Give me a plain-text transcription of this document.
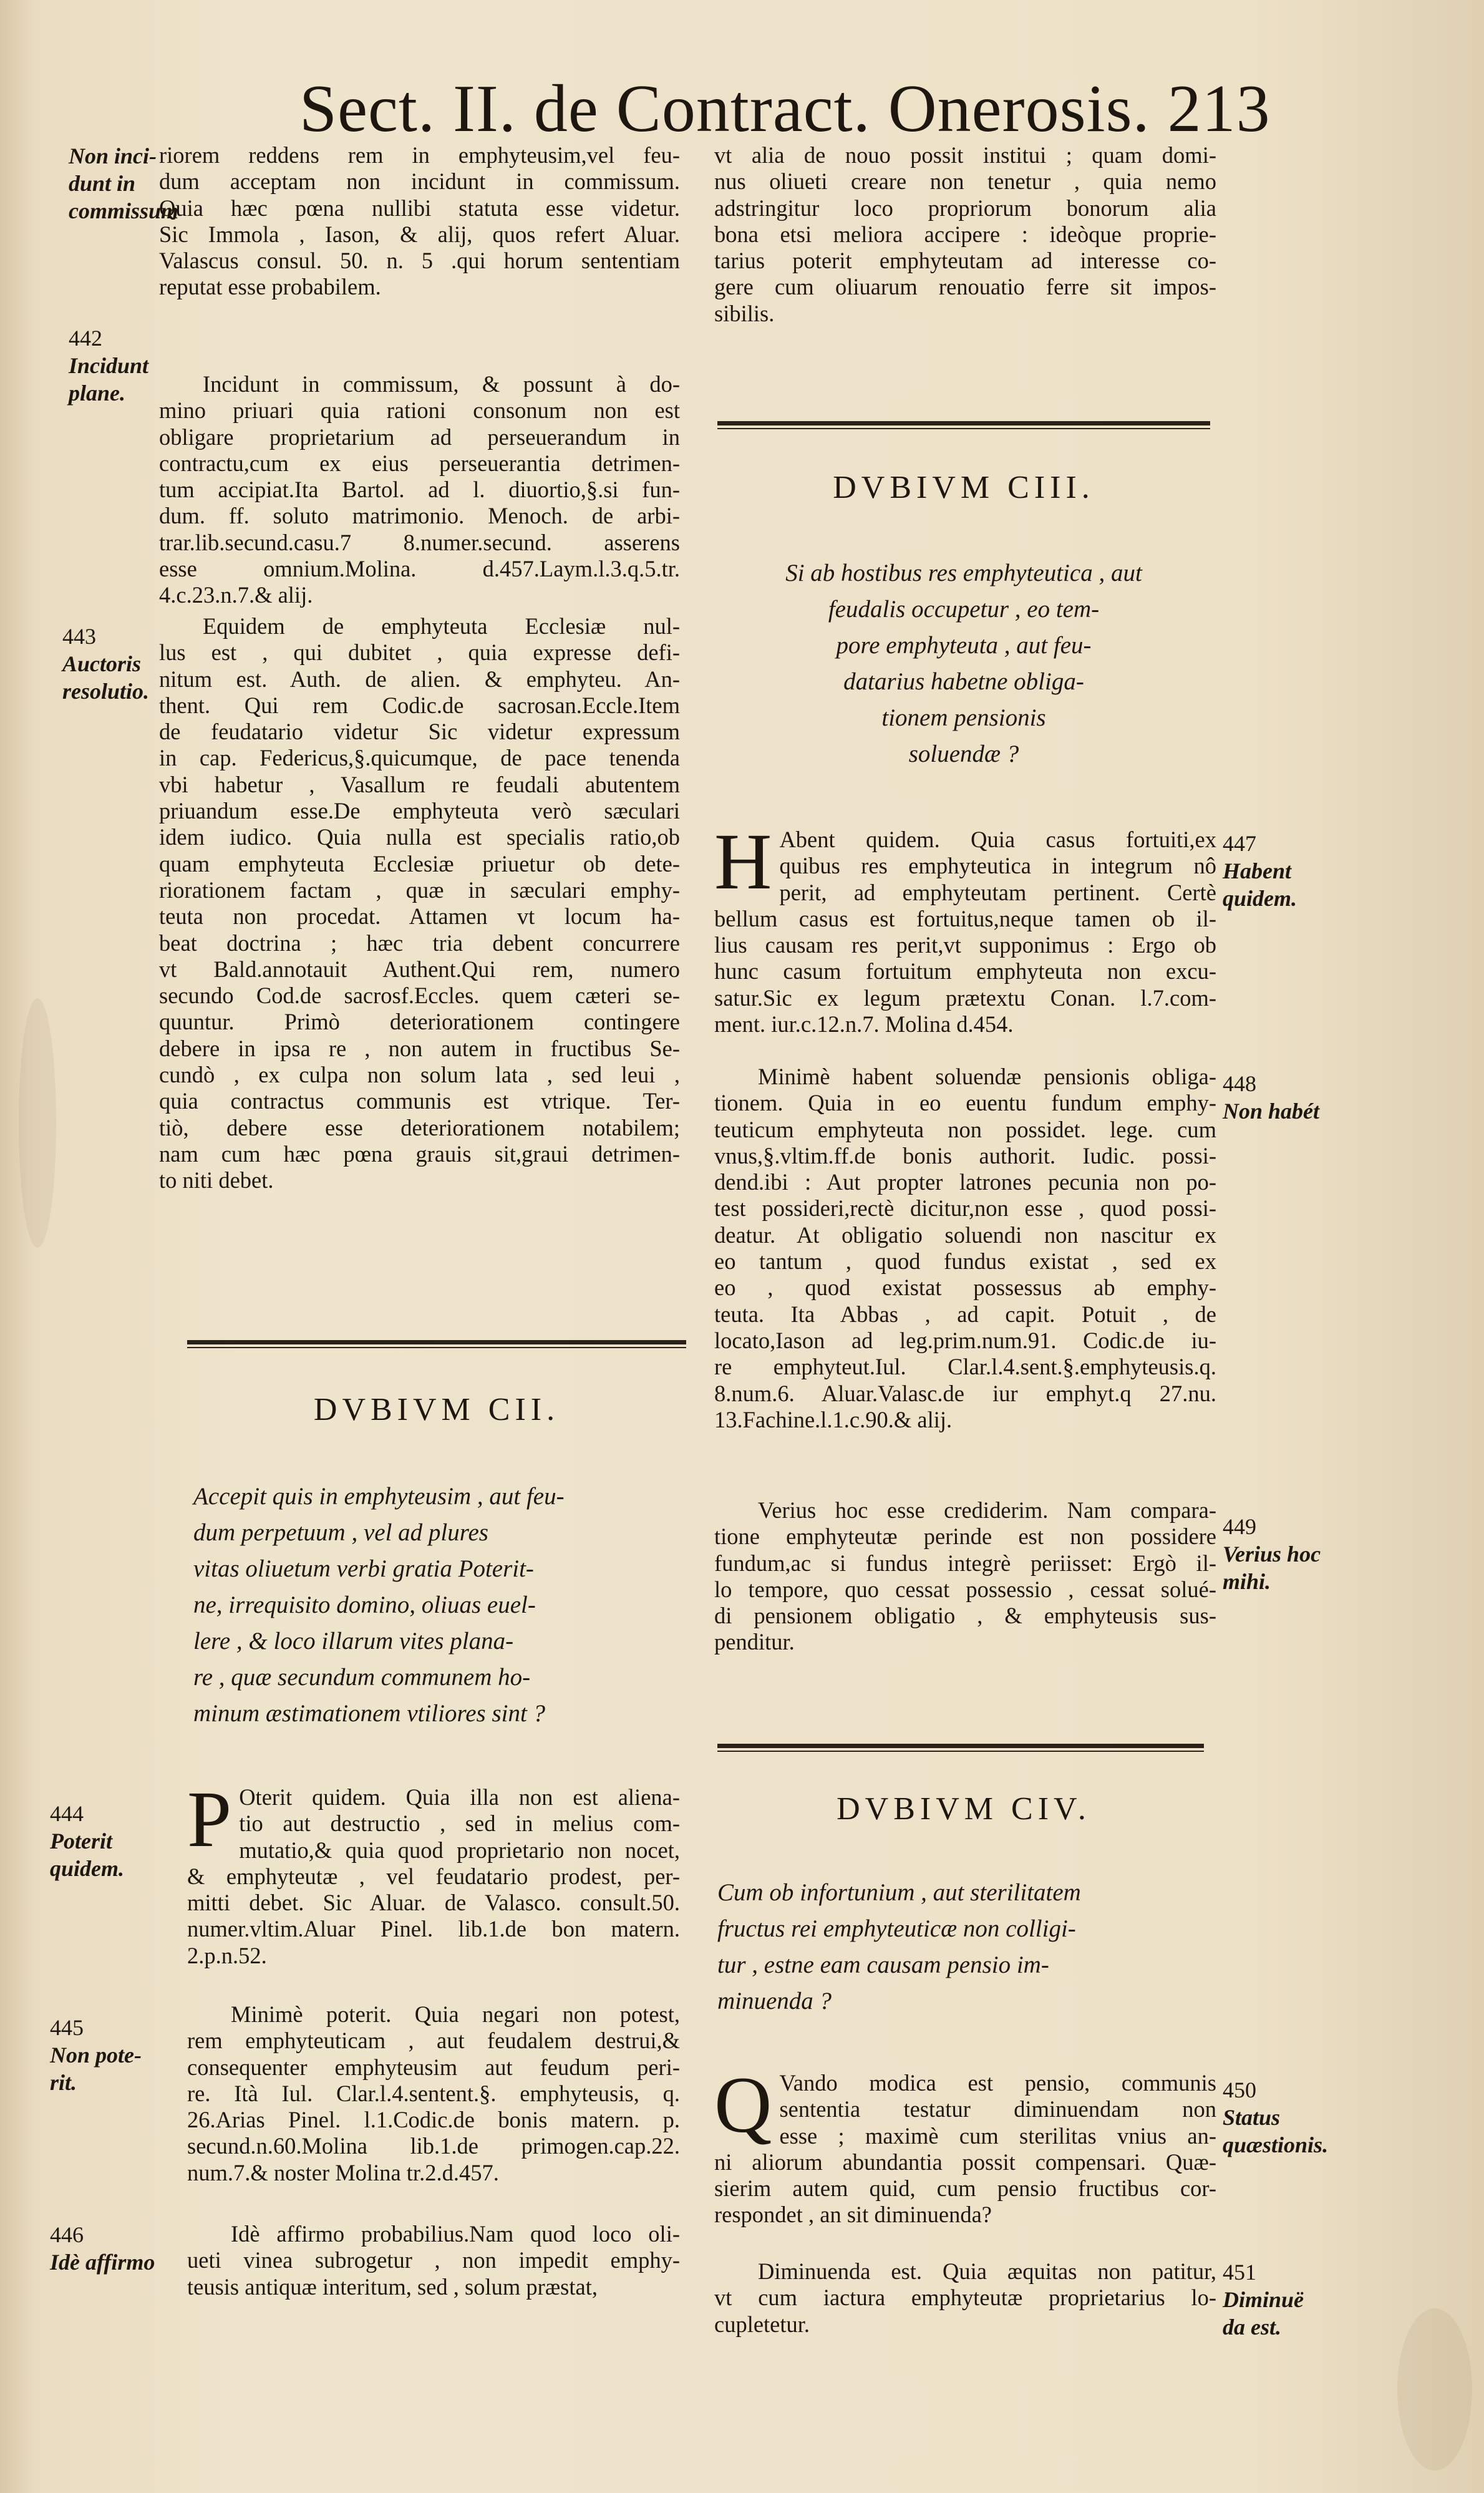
Sect. II. de Contract. Onerosis. 213
riorem reddens rem in emphyteusim,vel feu-
dum acceptam non incidunt in commissum.
Quia hæc pœna nullibi statuta esse videtur.
Sic Immola , Iason, & alij, quos refert Aluar.
Valascus consul. 50. n. 5 .qui horum sententiam
reputat esse probabilem.
Incidunt in commissum, & possunt à do-
mino priuari quia rationi consonum non est
obligare proprietarium ad perseuerandum in
contractu,cum ex eius perseuerantia detrimen-
tum accipiat.Ita Bartol. ad l. diuortio,§.si fun-
dum. ff. soluto matrimonio. Menoch. de arbi-
trar.lib.secund.casu.7 8.numer.secund. asserens
esse omnium.Molina. d.457.Laym.l.3.q.5.tr.
4.c.23.n.7.& alij.
Equidem de emphyteuta Ecclesiæ nul-
lus est , qui dubitet , quia expresse defi-
nitum est. Auth. de alien. & emphyteu. An-
thent. Qui rem Codic.de sacrosan.Eccle.Item
de feudatario videtur Sic videtur expressum
in cap. Federicus,§.quicumque, de pace tenenda
vbi habetur , Vasallum re feudali abutentem
priuandum esse.De emphyteuta verò sæculari
idem iudico. Quia nulla est specialis ratio,ob
quam emphyteuta Ecclesiæ priuetur ob dete-
riorationem factam , quæ in sæculari emphy-
teuta non procedat. Attamen vt locum ha-
beat doctrina ; hæc tria debent concurrere
vt Bald.annotauit Authent.Qui rem, numero
secundo Cod.de sacrosf.Eccles. quem cæteri se-
quuntur. Primò deteriorationem contingere
debere in ipsa re , non autem in fructibus Se-
cundò , ex culpa non solum lata , sed leui ,
quia contractus communis est vtrique. Ter-
tiò, debere esse deteriorationem notabilem;
nam cum hæc pœna grauis sit,graui detrimen-
to niti debet.
DVBIVM CII.
Accepit quis in emphyteusim , aut feu-
dum perpetuum , vel ad plures
vitas oliuetum verbi gratia Poterit-
ne, irrequisito domino, oliuas euel-
lere , & loco illarum vites plana-
re , quæ secundum communem ho-
minum æstimationem vtiliores sint ?
P Oterit quidem. Quia illa non est aliena-
tio aut destructio , sed in melius com-
mutatio,& quia quod proprietario non nocet,
& emphyteutæ , vel feudatario prodest, per-
mitti debet. Sic Aluar. de Valasco. consult.50.
numer.vltim.Aluar Pinel. lib.1.de bon matern.
2.p.n.52.
Minimè poterit. Quia negari non potest,
rem emphyteuticam , aut feudalem destrui,&
consequenter emphyteusim aut feudum peri-
re. Ità Iul. Clar.l.4.sentent.§. emphyteusis, q.
26.Arias Pinel. l.1.Codic.de bonis matern. p.
secund.n.60.Molina lib.1.de primogen.cap.22.
num.7.& noster Molina tr.2.d.457.
Idè affirmo probabilius.Nam quod loco oli-
ueti vinea subrogetur , non impedit emphy-
teusis antiquæ interitum, sed , solum præstat,
Non inci-
dunt in
commissum
442
Incidunt
plane.
443
Auctoris
resolutio.
444
Poterit
quidem.
445
Non pote-
rit.
446
Idè affirmo
vt alia de nouo possit institui ; quam domi-
nus oliueti creare non tenetur , quia nemo
adstringitur loco propriorum bonorum alia
bona etsi meliora accipere : ideòque proprie-
tarius poterit emphyteutam ad interesse co-
gere cum oliuarum renouatio ferre sit impos-
sibilis.
DVBIVM CIII.
Si ab hostibus res emphyteutica , aut
feudalis occupetur , eo tem-
pore emphyteuta , aut feu-
datarius habetne obliga-
tionem pensionis
soluendæ ?
H Abent quidem. Quia casus fortuiti,ex
quibus res emphyteutica in integrum nô
perit, ad emphyteutam pertinent. Certè
bellum casus est fortuitus,neque tamen ob il-
lius causam res perit,vt supponimus : Ergo ob
hunc casum fortuitum emphyteuta non excu-
satur.Sic ex legum prætextu Conan. l.7.com-
ment. iur.c.12.n.7. Molina d.454.
Minimè habent soluendæ pensionis obliga-
tionem. Quia in eo euentu fundum emphy-
teuticum emphyteuta non possidet. lege. cum
vnus,§.vltim.ff.de bonis authorit. Iudic. possi-
dend.ibi : Aut propter latrones pecunia non po-
test possideri,rectè dicitur,non esse , quod possi-
deatur. At obligatio soluendi non nascitur ex
eo tantum , quod fundus existat , sed ex
eo , quod existat possessus ab emphy-
teuta. Ita Abbas , ad capit. Potuit , de
locato,Iason ad leg.prim.num.91. Codic.de iu-
re emphyteut.Iul. Clar.l.4.sent.§.emphyteusis.q.
8.num.6. Aluar.Valasc.de iur emphyt.q 27.nu.
13.Fachine.l.1.c.90.& alij.
Verius hoc esse crediderim. Nam compara-
tione emphyteutæ perinde est non possidere
fundum,ac si fundus integrè periisset: Ergò il-
lo tempore, quo cessat possessio , cessat solué-
di pensionem obligatio , & emphyteusis sus-
penditur.
DVBIVM CIV.
Cum ob infortunium , aut sterilitatem
fructus rei emphyteuticæ non colligi-
tur , estne eam causam pensio im-
minuenda ?
Q Vando modica est pensio, communis
sententia testatur diminuendam non
esse ; maximè cum sterilitas vnius an-
ni aliorum abundantia possit compensari. Quæ-
sierim autem quid, cum pensio fructibus cor-
respondet , an sit diminuenda?
Diminuenda est. Quia æquitas non patitur,
vt cum iactura emphyteutæ proprietarius lo-
cupletetur.
447
Habent
quidem.
448
Non habét
449
Verius hoc
mihi.
450
Status
quæstionis.
451
Diminuë
da est.
